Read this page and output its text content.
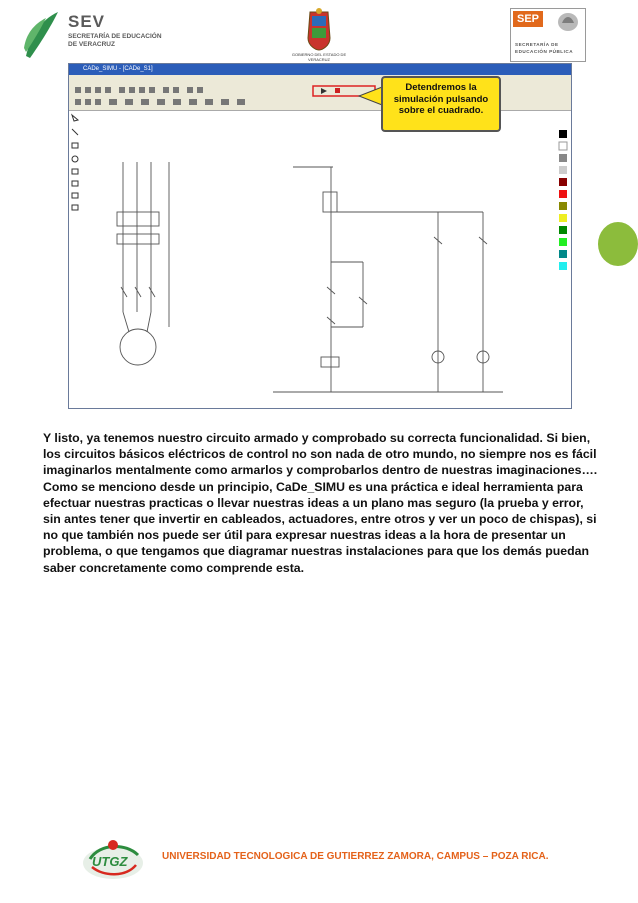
SEV
SECRETARÍA DE EDUCACIÓN DE VERACRUZ
GOBIERNO DEL ESTADO DE VERACRUZ
SEP
SECRETARÍA DE EDUCACIÓN PÚBLICA
CADe_SIMU - [CADe_S1]
Detendremos la simulación pulsando sobre el cuadrado.

Y listo, ya tenemos nuestro circuito armado y comprobado su correcta funcionalidad. Si bien, los circuitos básicos eléctricos de control no son nada de otro mundo, no siempre nos es fácil imaginarlos mentalmente como armarlos y comprobarlos dentro de nuestras imaginaciones….

Como se menciono desde un principio, CaDe_SIMU es una práctica e ideal herramienta para efectuar nuestras practicas o llevar nuestras ideas a un plano mas seguro (la prueba y error, sin antes tener que invertir en cableados, actuadores, entre otros y ver un poco de chispas), si no que también nos puede ser útil para expresar nuestras ideas a la hora de presentar un problema, o que tengamos que diagramar nuestras instalaciones para que los demás puedan saber concretamente como comprende esta.

UTGZ	UNIVERSIDAD TECNOLOGICA DE GUTIERREZ ZAMORA, CAMPUS – POZA RICA.
